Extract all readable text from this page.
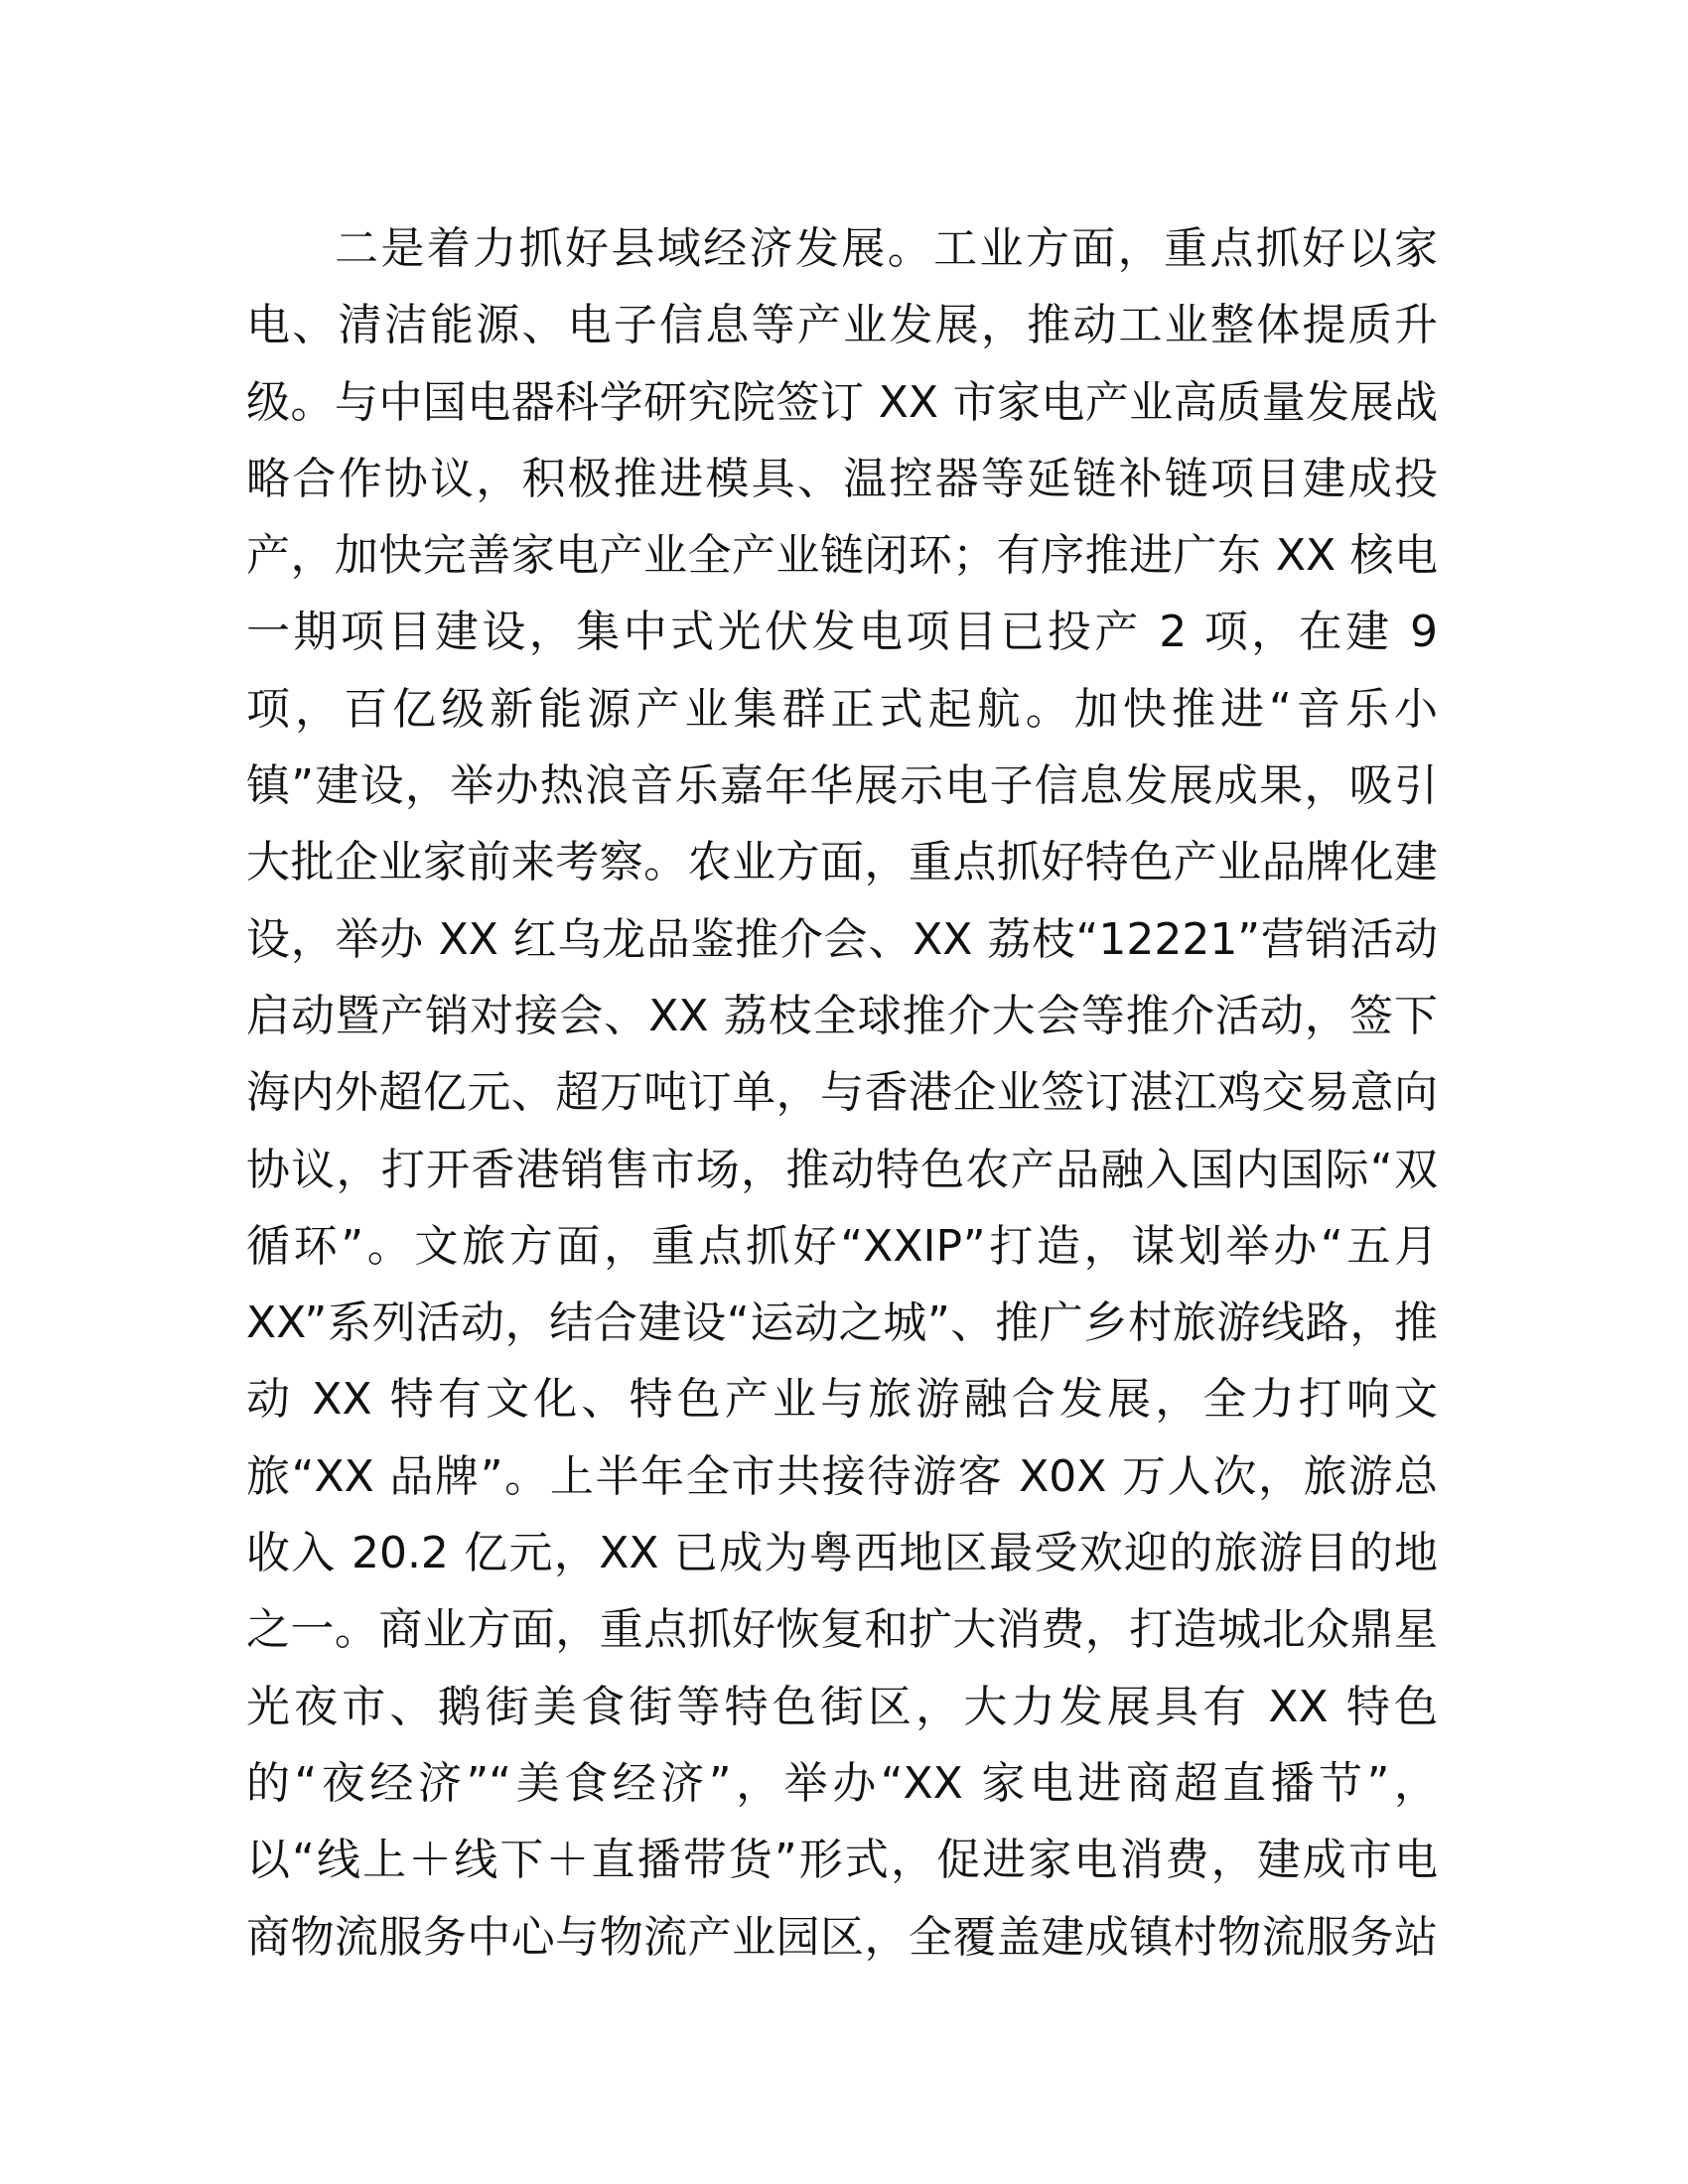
二是着力抓好县域经济发展。工业方面，重点抓好以家
电、清洁能源、电子信息等产业发展，推动工业整体提质升
级。与中国电器科学研究院签订 XX 市家电产业高质量发展战
略合作协议，积极推进模具、温控器等延链补链项目建成投
产，加快完善家电产业全产业链闭环；有序推进广东 XX 核电
一期项目建设，集中式光伏发电项目已投产 2 项，在建 9
项，百亿级新能源产业集群正式起航。加快推进“音乐小
镇”建设，举办热浪音乐嘉年华展示电子信息发展成果，吸引
大批企业家前来考察。农业方面，重点抓好特色产业品牌化建
设，举办 XX 红乌龙品鉴推介会、XX 荔枝“12221”营销活动
启动暨产销对接会、XX 荔枝全球推介大会等推介活动，签下
海内外超亿元、超万吨订单，与香港企业签订湛江鸡交易意向
协议，打开香港销售市场，推动特色农产品融入国内国际“双
循环”。文旅方面，重点抓好“XXIP”打造，谋划举办“五月
XX”系列活动，结合建设“运动之城”、推广乡村旅游线路，推
动 XX 特有文化、特色产业与旅游融合发展，全力打响文
旅“XX 品牌”。上半年全市共接待游客 X0X 万人次，旅游总
收入 20.2 亿元，XX 已成为粤西地区最受欢迎的旅游目的地
之一。商业方面，重点抓好恢复和扩大消费，打造城北众鼎星
光夜市、鹅街美食街等特色街区，大力发展具有 XX 特色
的“夜经济”“美食经济”，举办“XX 家电进商超直播节”，
以“线上＋线下＋直播带货”形式，促进家电消费，建成市电
商物流服务中心与物流产业园区，全覆盖建成镇村物流服务站
